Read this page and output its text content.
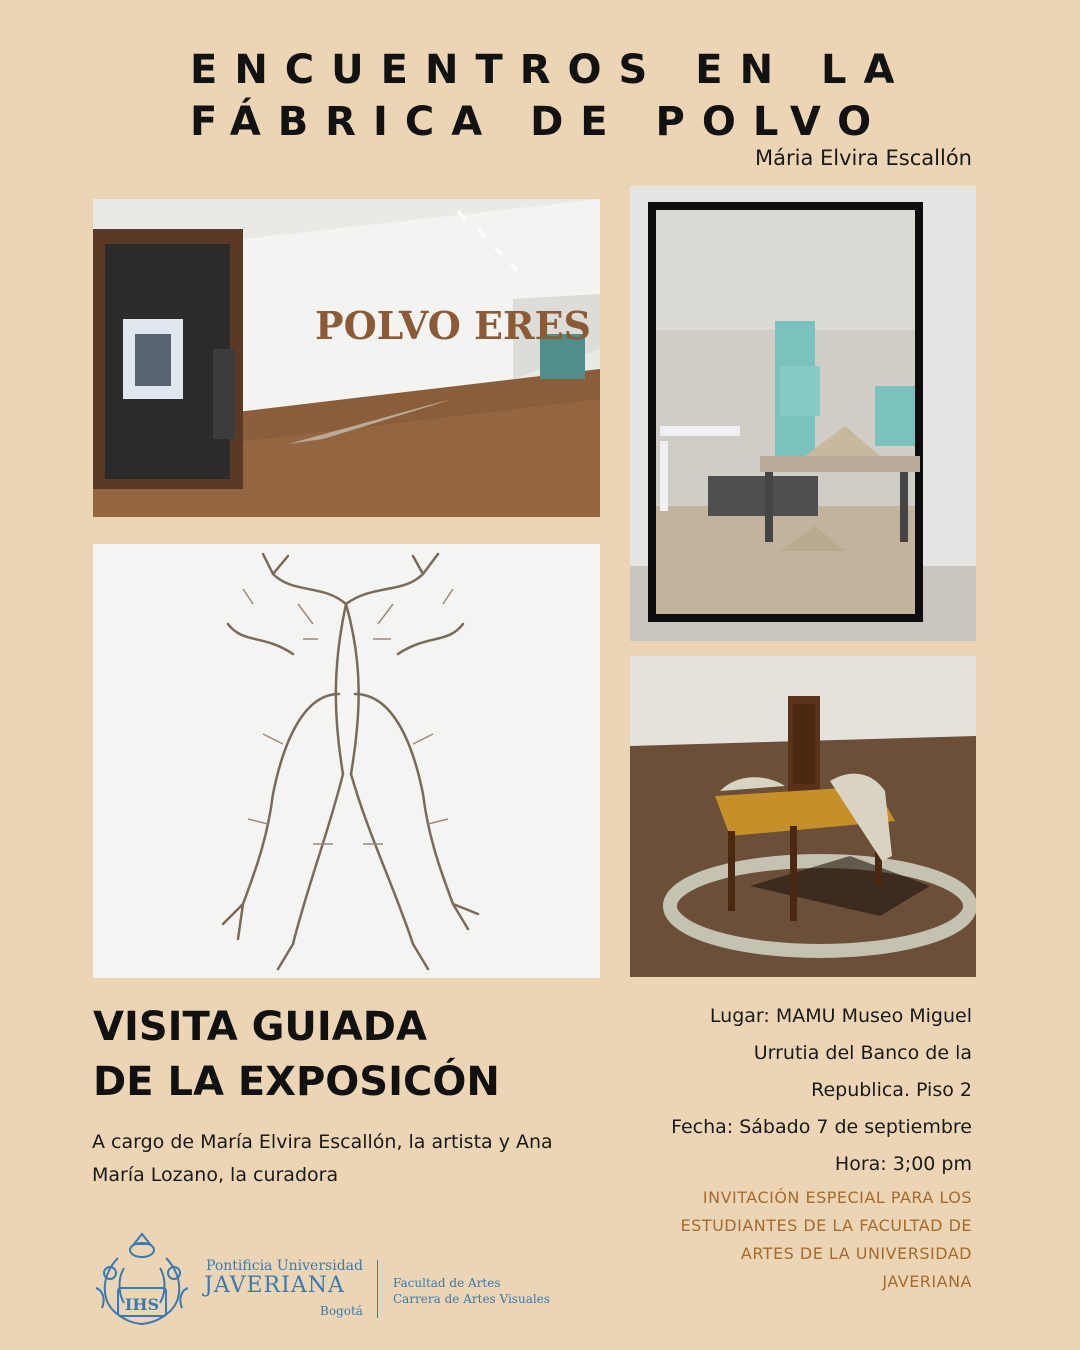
ENCUENTROS EN LA
FÁBRICA DE POLVO
Mária Elvira Escallón
POLVO ERES
VISITA GUIADA
DE LA EXPOSICÓN

A cargo de María Elvira Escallón, la artista y Ana María Lozano, la curadora

Lugar: MAMU Museo Miguel
Urrutia del Banco de la
Republica. Piso 2
Fecha: Sábado 7 de septiembre
Hora: 3;00 pm
INVITACIÓN ESPECIAL PARA LOS
ESTUDIANTES DE LA FACULTAD DE
ARTES DE LA UNIVERSIDAD
JAVERIANA
IHS
Pontificia Universidad
JAVERIANA
Bogotá
Facultad de Artes
Carrera de Artes Visuales
